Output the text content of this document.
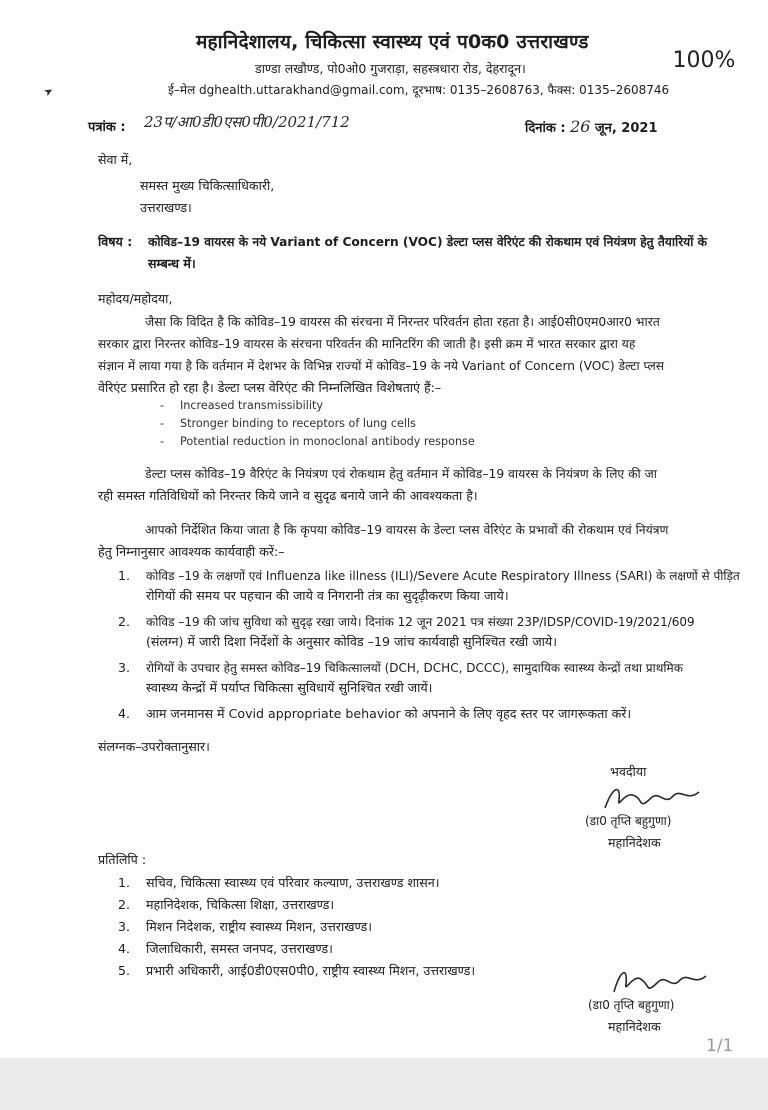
महानिदेशालय, चिकित्सा स्वास्थ्य एवं प0क0 उत्तराखण्ड
डाण्डा लखौण्ड, पो0ओ0 गुजराड़ा, सहस्त्रधारा रोड, देहरादून।
ई–मेल dghealth.uttarakhand@gmail.com, दूरभाष: 0135–2608763, फैक्स: 0135–2608746
➤
पत्रांक : 23प/आ0डी0एस0पी0/2021/712	दिनांक : 26 जून, 2021
सेवा में,
समस्त मुख्य चिकित्साधिकारी,
उत्तराखण्ड।
विषय : कोविड–19 वायरस के नये Variant of Concern (VOC) डेल्टा प्लस वेरिएंट की रोकथाम एवं नियंत्रण हेतु तैयारियों के
सम्बन्ध में।
महोदय/महोदया,
जैसा कि विदित है कि कोविड–19 वायरस की संरचना में निरन्तर परिवर्तन होता रहता है। आई0सी0एम0आर0 भारत
सरकार द्वारा निरन्तर कोविड–19 वायरस के संरचना परिवर्तन की मानिटरिंग की जाती है। इसी क्रम में भारत सरकार द्वारा यह
संज्ञान में लाया गया है कि वर्तमान में देशभर के विभिन्न राज्यों में कोविड–19 के नये Variant of Concern (VOC) डेल्टा प्लस
वेरिएंट प्रसारित हो रहा है। डेल्टा प्लस वेरिएंट की निम्नलिखित विशेषताएं हैं:–
- Increased transmissibility
- Stronger binding to receptors of lung cells
- Potential reduction in monoclonal antibody response
डेल्टा प्लस कोविड–19 वैरिएंट के नियंत्रण एवं रोकथाम हेतु वर्तमान में कोविड–19 वायरस के नियंत्रण के लिए की जा
रही समस्त गतिविधियों को निरन्तर किये जाने व सुदृढ बनाये जाने की आवश्यकता है।
आपको निर्देशित किया जाता है कि कृपया कोविड–19 वायरस के डेल्टा प्लस वेरिएंट के प्रभावों की रोकथाम एवं नियंत्रण
हेतु निम्नानुसार आवश्यक कार्यवाही करें:–
1.	कोविड –19 के लक्षणों एवं Influenza like illness (ILI)/Severe Acute Respiratory Illness (SARI) के लक्षणों से पीड़ित
रोगियों की समय पर पहचान की जाये व निगरानी तंत्र का सुदृढ़ीकरण किया जाये।
2.	कोविड –19 की जांच सुविधा को सुदृढ़ रखा जाये। दिनांक 12 जून 2021 पत्र संख्या 23P/IDSP/COVID-19/2021/609
(संलग्न) में जारी दिशा निर्देशों के अनुसार कोविड –19 जांच कार्यवाही सुनिश्चित रखी जाये।
3.	रोगियों के उपचार हेतु समस्त कोविड–19 चिकित्सालयों (DCH, DCHC, DCCC), सामुदायिक स्वास्थ्य केन्द्रों तथा प्राथमिक
स्वास्थ्य केन्द्रों में पर्याप्त चिकित्सा सुविधायें सुनिश्चित रखी जायें।
4.	आम जनमानस में Covid appropriate behavior को अपनाने के लिए वृहद स्तर पर जागरूकता करें।
संलग्नक–उपरोक्तानुसार।
भवदीया
(डा0 तृप्ति बहुगुणा)
महानिदेशक
प्रतिलिपि :
1.	सचिव, चिकित्सा स्वास्थ्य एवं परिवार कल्याण, उत्तराखण्ड शासन।
2.	महानिदेशक, चिकित्सा शिक्षा, उत्तराखण्ड।
3.	मिशन निदेशक, राष्ट्रीय स्वास्थ्य मिशन, उत्तराखण्ड।
4.	जिलाधिकारी, समस्त जनपद, उत्तराखण्ड।
5.	प्रभारी अधिकारी, आई0डी0एस0पी0, राष्ट्रीय स्वास्थ्य मिशन, उत्तराखण्ड।
(डा0 तृप्ति बहुगुणा)
महानिदेशक
100%
1/1
